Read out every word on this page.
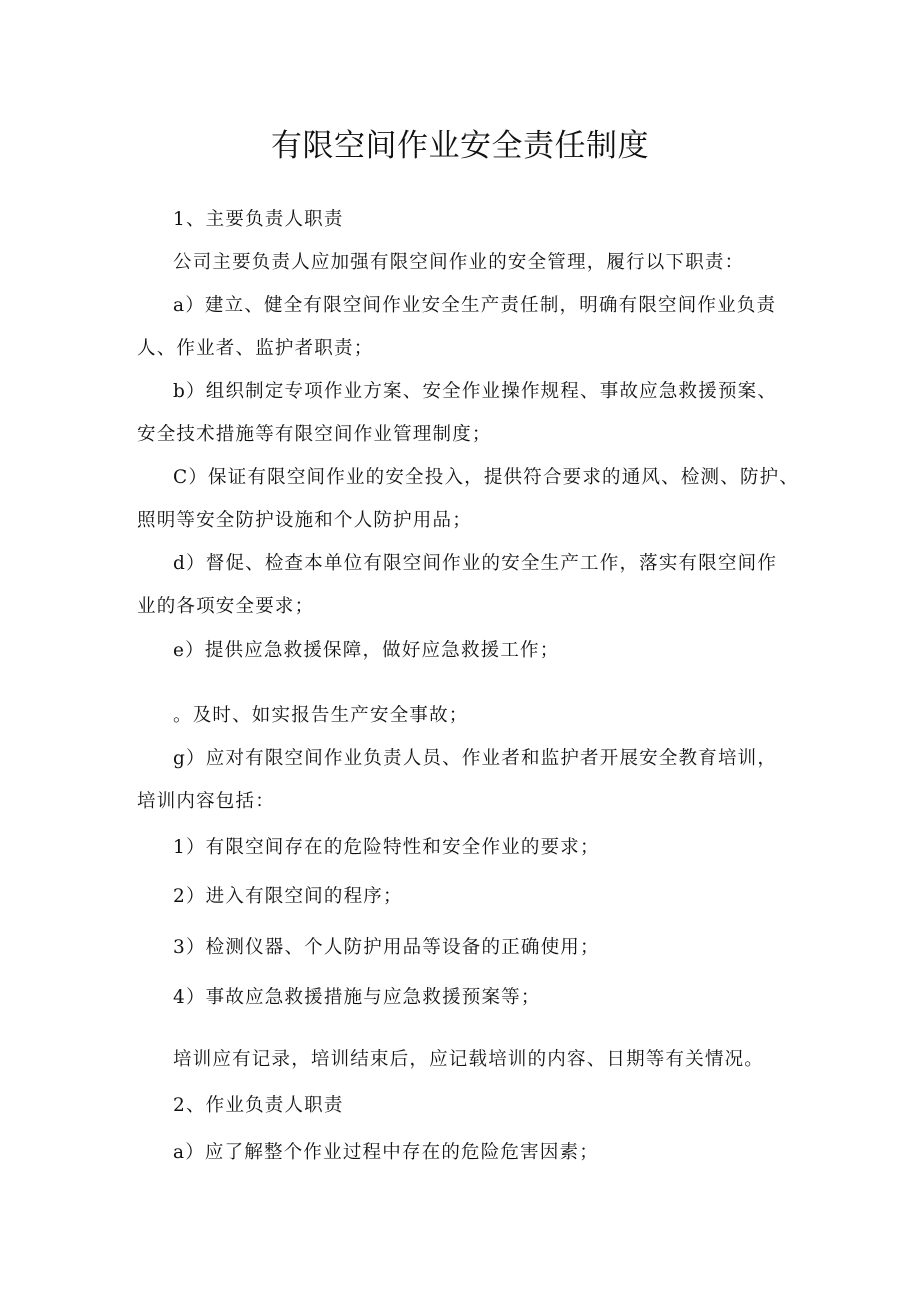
有限空间作业安全责任制度
1、主要负责人职责
公司主要负责人应加强有限空间作业的安全管理，履行以下职责：
a）建立、健全有限空间作业安全生产责任制，明确有限空间作业负责
人、作业者、监护者职责；
b）组织制定专项作业方案、安全作业操作规程、事故应急救援预案、
安全技术措施等有限空间作业管理制度；
C）保证有限空间作业的安全投入，提供符合要求的通风、检测、防护、
照明等安全防护设施和个人防护用品；
d）督促、检查本单位有限空间作业的安全生产工作，落实有限空间作
业的各项安全要求；
e）提供应急救援保障，做好应急救援工作；
。及时、如实报告生产安全事故；
g）应对有限空间作业负责人员、作业者和监护者开展安全教育培训，
培训内容包括：
1）有限空间存在的危险特性和安全作业的要求；
2）进入有限空间的程序；
3）检测仪器、个人防护用品等设备的正确使用；
4）事故应急救援措施与应急救援预案等；
培训应有记录，培训结束后，应记载培训的内容、日期等有关情况。
2、作业负责人职责
a）应了解整个作业过程中存在的危险危害因素；
